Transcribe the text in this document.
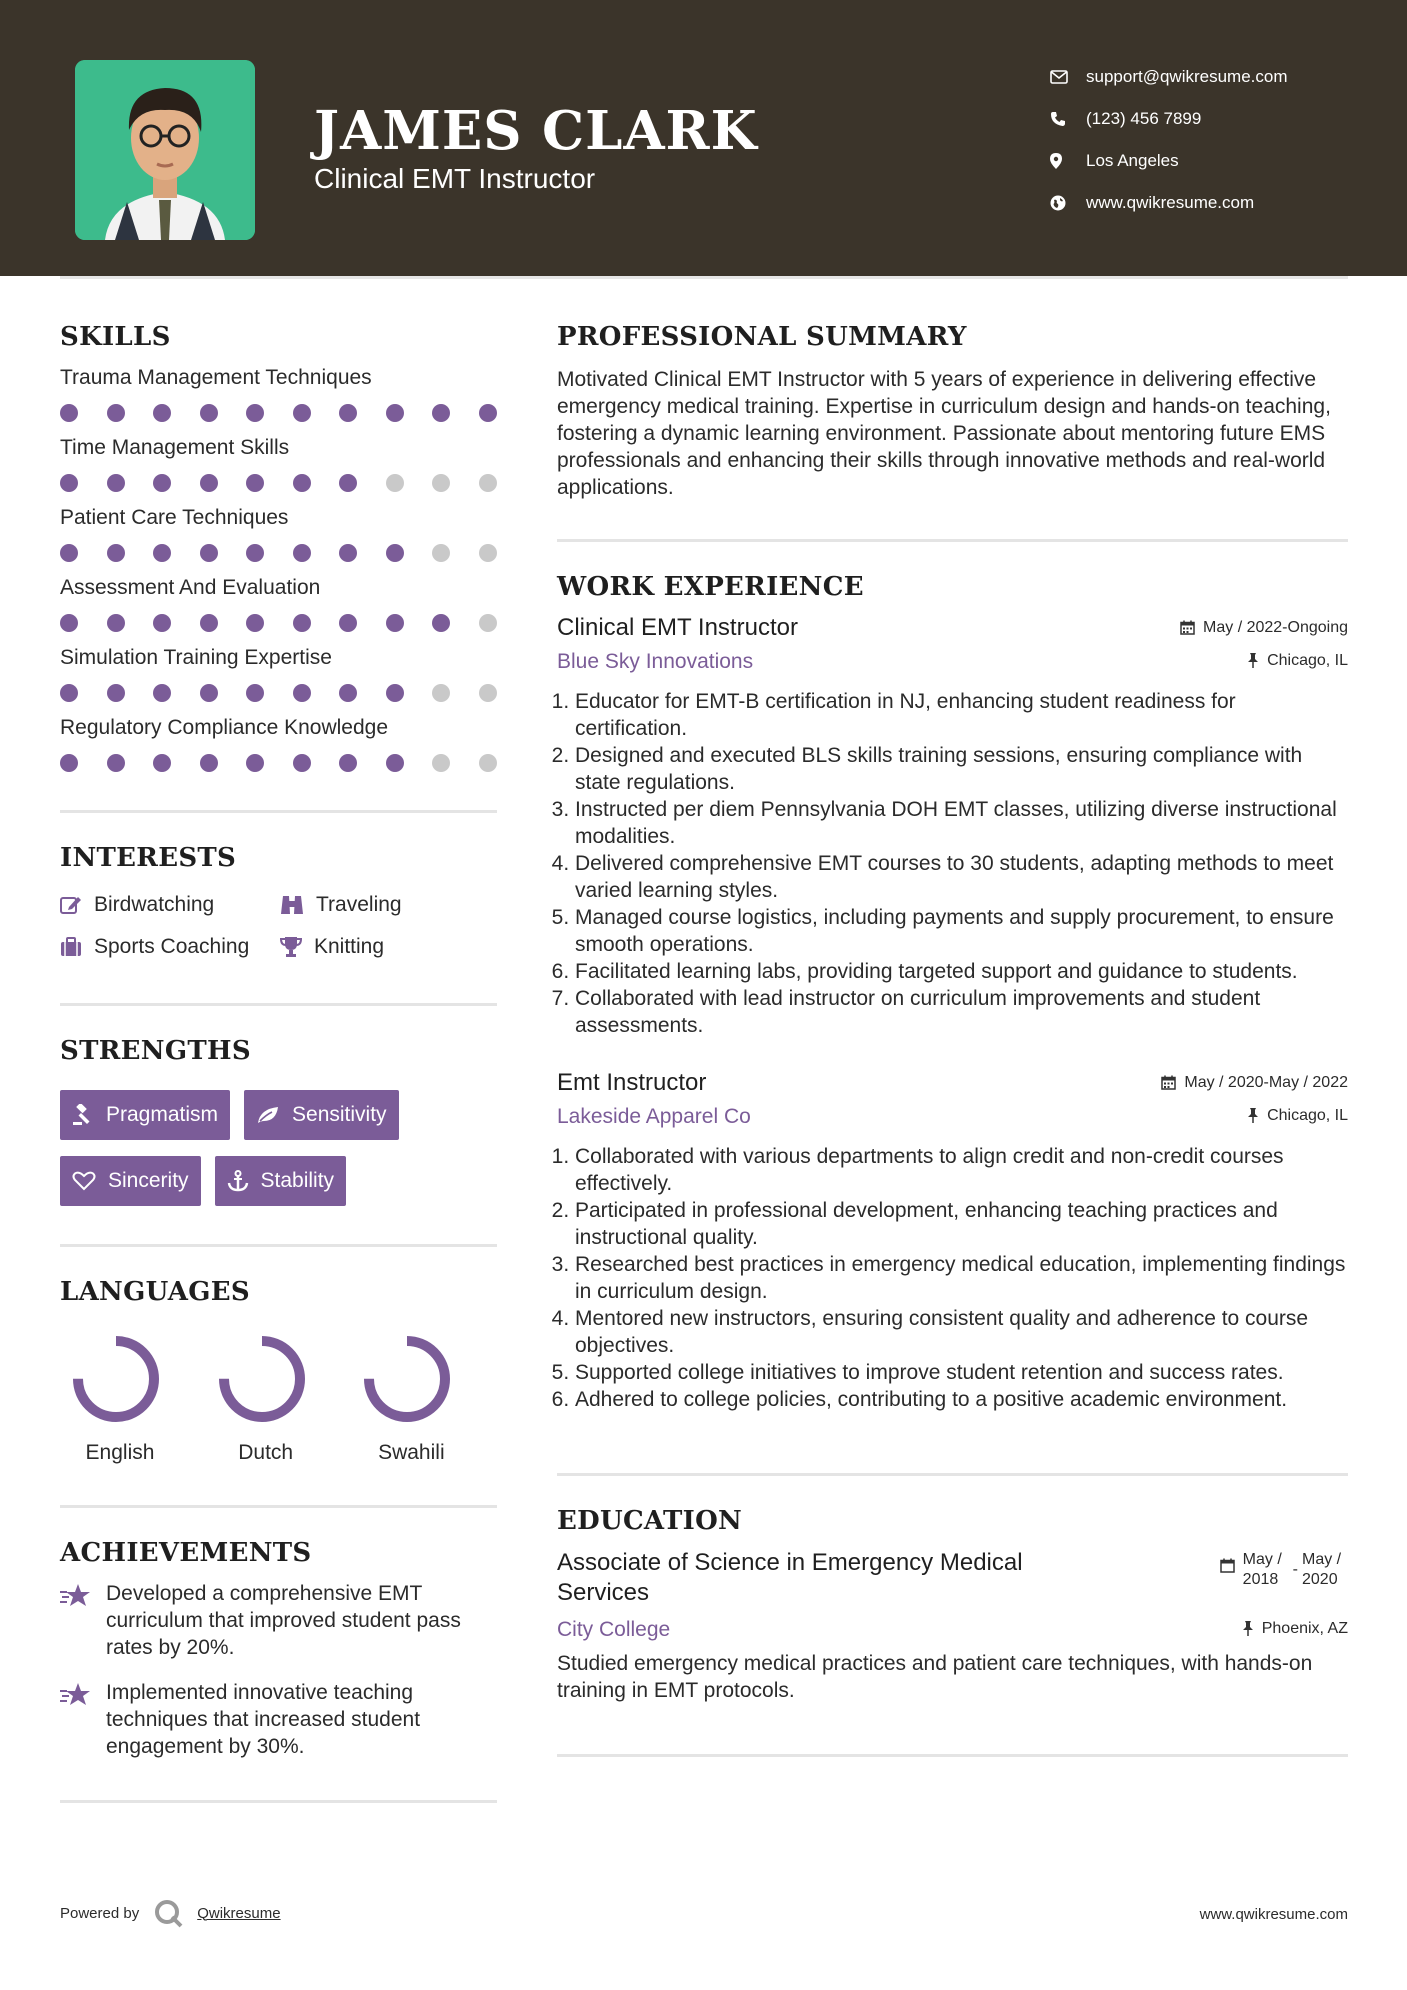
JAMES CLARK
Clinical EMT Instructor
support@qwikresume.com
(123) 456 7899
Los Angeles
www.qwikresume.com
SKILLS
Trauma Management Techniques
Time Management Skills
Patient Care Techniques
Assessment And Evaluation
Simulation Training Expertise
Regulatory Compliance Knowledge
INTERESTS
Birdwatching	Traveling
Sports Coaching	Knitting
STRENGTHS
Pragmatism	Sensitivity
Sincerity	Stability
LANGUAGES
English	Dutch	Swahili
ACHIEVEMENTS
Developed a comprehensive EMT curriculum that improved student pass rates by 20%.
Implemented innovative teaching techniques that increased student engagement by 30%.
PROFESSIONAL SUMMARY
Motivated Clinical EMT Instructor with 5 years of experience in delivering effective emergency medical training. Expertise in curriculum design and hands-on teaching, fostering a dynamic learning environment. Passionate about mentoring future EMS professionals and enhancing their skills through innovative methods and real-world applications.
WORK EXPERIENCE
Clinical EMT Instructor	May / 2022-Ongoing
Blue Sky Innovations	Chicago, IL
1. Educator for EMT-B certification in NJ, enhancing student readiness for certification.
2. Designed and executed BLS skills training sessions, ensuring compliance with state regulations.
3. Instructed per diem Pennsylvania DOH EMT classes, utilizing diverse instructional modalities.
4. Delivered comprehensive EMT courses to 30 students, adapting methods to meet varied learning styles.
5. Managed course logistics, including payments and supply procurement, to ensure smooth operations.
6. Facilitated learning labs, providing targeted support and guidance to students.
7. Collaborated with lead instructor on curriculum improvements and student assessments.
Emt Instructor	May / 2020-May / 2022
Lakeside Apparel Co	Chicago, IL
1. Collaborated with various departments to align credit and non-credit courses effectively.
2. Participated in professional development, enhancing teaching practices and instructional quality.
3. Researched best practices in emergency medical education, implementing findings in curriculum design.
4. Mentored new instructors, ensuring consistent quality and adherence to course objectives.
5. Supported college initiatives to improve student retention and success rates.
6. Adhered to college policies, contributing to a positive academic environment.
EDUCATION
Associate of Science in Emergency Medical Services
May / 2018
-
May / 2020
City College	Phoenix, AZ
Studied emergency medical practices and patient care techniques, with hands-on training in EMT protocols.
Powered by	Qwikresume	www.qwikresume.com
